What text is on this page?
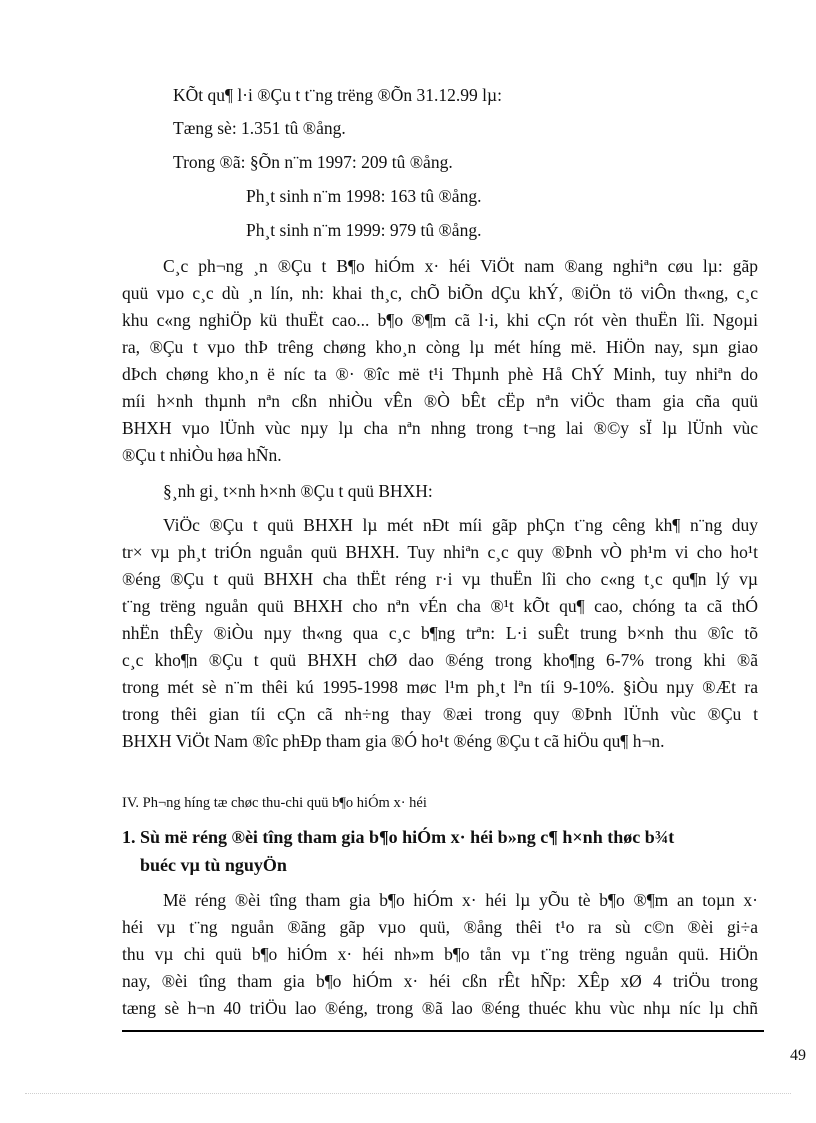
KÕt qu¶ l·i ®Çu t t¨ng trëng ®Õn 31.12.99 lµ:
Tæng sè: 1.351 tû ®ång.
Trong ®ã: §Õn n¨m 1997: 209 tû ®ång.
Ph¸t sinh n¨m 1998: 163 tû ®ång.
Ph¸t sinh n¨m 1999: 979 tû ®ång.
C¸c ph¬ng ¸n ®Çu t B¶o hiÓm x· héi ViÖt nam ®ang nghiªn cøu lµ: gãp
quü vµo c¸c dù ¸n lín, nh: khai th¸c, chÕ biÕn dÇu khÝ, ®iÖn tö viÔn th«ng, c¸c
khu c«ng nghiÖp kü thuËt cao... b¶o ®¶m cã l·i, khi cÇn rót vèn thuËn lîi. Ngoµi
ra, ®Çu t vµo thÞ trêng chøng kho¸n còng lµ mét híng më. HiÖn nay, sµn giao
dÞch chøng kho¸n ë níc ta ®· ®îc më t¹i Thµnh phè Hå ChÝ Minh, tuy nhiªn do
míi h×nh thµnh nªn cßn nhiÒu vÊn ®Ò bÊt cËp nªn viÖc tham gia cña quü
BHXH vµo lÜnh vùc nµy lµ cha nªn nhng trong t¬ng lai ®©y sÏ lµ lÜnh vùc
®Çu t nhiÒu høa hÑn.
§¸nh gi¸ t×nh h×nh ®Çu t quü BHXH:
ViÖc ®Çu t quü BHXH lµ mét nÐt míi gãp phÇn t¨ng cêng kh¶ n¨ng duy
tr× vµ ph¸t triÓn nguån quü BHXH. Tuy nhiªn c¸c quy ®Þnh vÒ ph¹m vi cho ho¹t
®éng ®Çu t quü BHXH cha thËt réng r·i vµ thuËn lîi cho c«ng t¸c qu¶n lý vµ
t¨ng trëng nguån quü BHXH cho nªn vÉn cha ®¹t kÕt qu¶ cao, chóng ta cã thÓ
nhËn thÊy ®iÒu nµy th«ng qua c¸c b¶ng trªn: L·i suÊt trung b×nh thu ®îc tõ
c¸c kho¶n ®Çu t quü BHXH chØ dao ®éng trong kho¶ng 6-7% trong khi ®ã
trong mét sè n¨m thêi kú 1995-1998 møc l¹m ph¸t lªn tíi 9-10%. §iÒu nµy ®Æt ra
trong thêi gian tíi cÇn cã nh÷ng thay ®æi trong quy ®Þnh lÜnh vùc ®Çu t
BHXH ViÖt Nam ®îc phÐp tham gia ®Ó ho¹t ®éng ®Çu t cã hiÖu qu¶ h¬n.
IV. Ph¬ng híng tæ chøc thu-chi quü b¶o hiÓm x· héi
1. Sù më réng ®èi tîng tham gia b¶o hiÓm x· héi b»ng c¶ h×nh thøc b¾t
buéc vµ tù nguyÖn
Më réng ®èi tîng tham gia b¶o hiÓm x· héi lµ yÕu tè b¶o ®¶m an toµn x·
héi vµ t¨ng nguån ®ãng gãp vµo quü, ®ång thêi t¹o ra sù c©n ®èi gi÷a
thu vµ chi quü b¶o hiÓm x· héi nh»m b¶o tån vµ t¨ng trëng nguån quü. HiÖn
nay, ®èi tîng tham gia b¶o hiÓm x· héi cßn rÊt hÑp: XÊp xØ 4 triÖu trong
tæng sè h¬n 40 triÖu lao ®éng, trong ®ã lao ®éng thuéc khu vùc nhµ níc lµ chñ
49
